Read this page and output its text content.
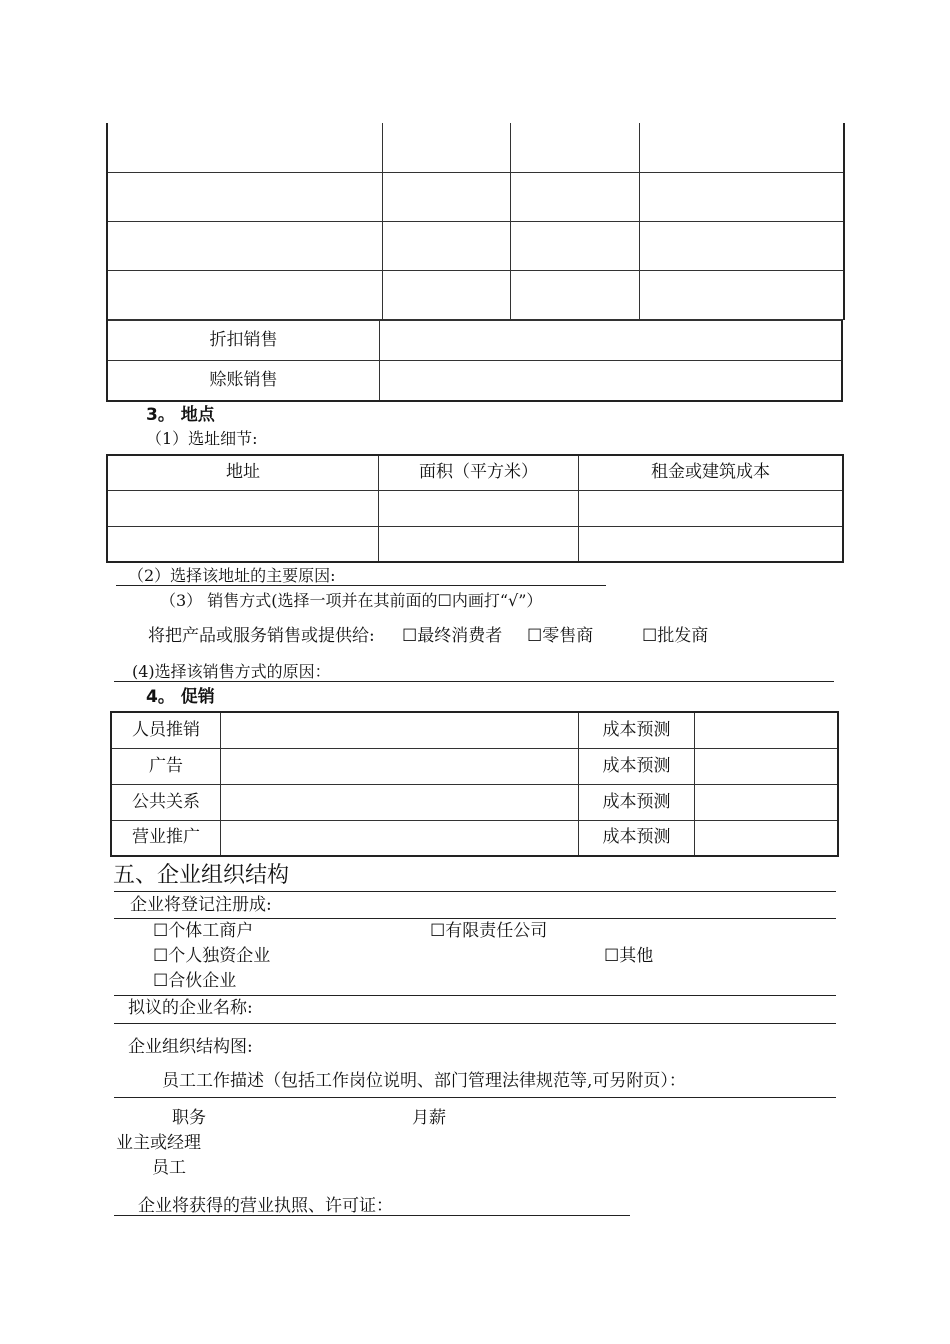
折扣销售	
赊账销售	
3。 地点
（1）选址细节:
地址	面积（平方米）	租金或建筑成本

（2）选择该地址的主要原因:
（3） 销售方式(选择一项并在其前面的☐内画打“√”）
将把产品或服务销售或提供给: ☐最终消费者 ☐零售商	☐批发商
(4)选择该销售方式的原因：
4。 促销
人员推销		成本预测	
广告		成本预测	
公共关系		成本预测	
营业推广		成本预测	
五、企业组织结构
企业将登记注册成:
☐个体工商户	☐有限责任公司
☐个人独资企业	☐其他
☐合伙企业
拟议的企业名称:
企业组织结构图:
员工工作描述（包括工作岗位说明、部门管理法律规范等,可另附页）：
职务	月薪
业主或经理
员工
企业将获得的营业执照、许可证：
